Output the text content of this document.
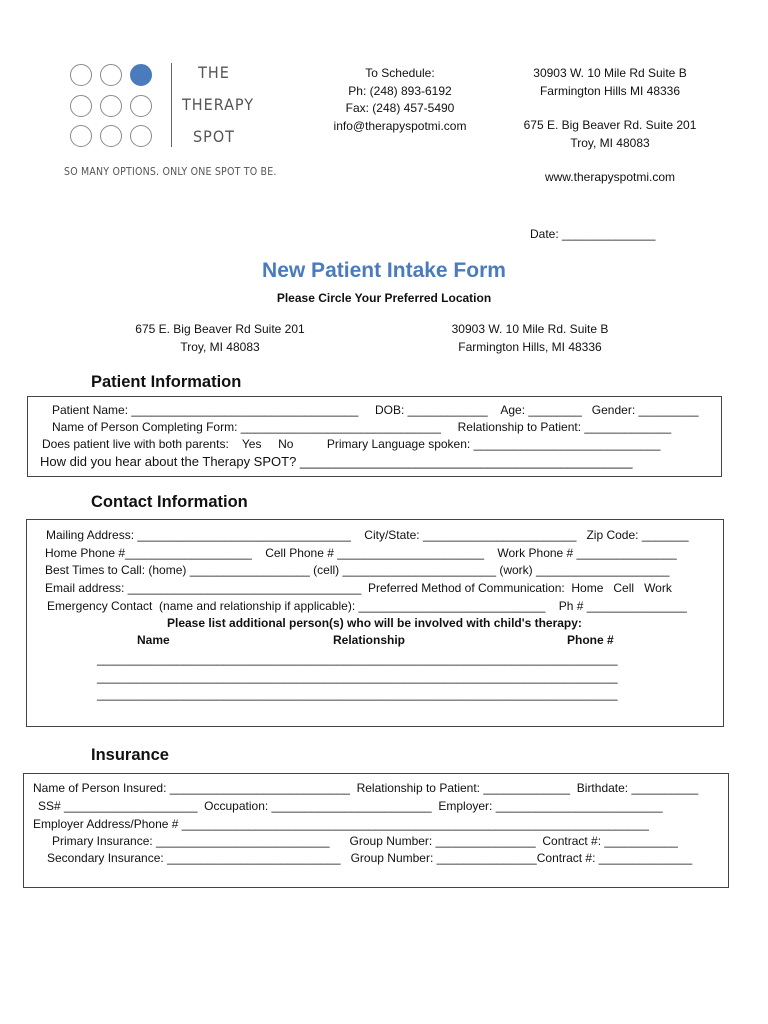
THE
THERAPY
SPOT
SO MANY OPTIONS. ONLY ONE SPOT TO BE.
To Schedule:
Ph: (248) 893-6192
Fax: (248) 457-5490
info@therapyspotmi.com
30903 W. 10 Mile Rd Suite B
Farmington Hills MI 48336
675 E. Big Beaver Rd. Suite 201
Troy, MI 48083
www.therapyspotmi.com
Date: ______________
New Patient Intake Form
Please Circle Your Preferred Location
675 E. Big Beaver Rd Suite 201
Troy, MI 48083
30903 W. 10 Mile Rd. Suite B
Farmington Hills, MI 48336
Patient Information
Patient Name: __________________________________     DOB: ____________    Age: ________   Gender: _________
Name of Person Completing Form: ______________________________     Relationship to Patient: _____________
Does patient live with both parents:    Yes     No          Primary Language spoken: ____________________________
How did you hear about the Therapy SPOT? ______________________________________________
Contact Information
Mailing Address: ________________________________    City/State: _______________________   Zip Code: _______
Home Phone #___________________    Cell Phone # ______________________    Work Phone # _______________
Best Times to Call: (home) __________________ (cell) _______________________ (work) ____________________
Email address: ___________________________________  Preferred Method of Communication:  Home   Cell   Work
Emergency Contact  (name and relationship if applicable): ____________________________    Ph # _______________
Please list additional person(s) who will be involved with child's therapy:
Name	Relationship	Phone #
______________________________________________________________________________
______________________________________________________________________________
______________________________________________________________________________
Insurance
Name of Person Insured: ___________________________  Relationship to Patient: _____________  Birthdate: __________
SS# ____________________  Occupation: ________________________  Employer: _________________________
Employer Address/Phone # ______________________________________________________________________
Primary Insurance: __________________________      Group Number: _______________  Contract #: ___________
Secondary Insurance: __________________________   Group Number: _______________Contract #: ______________
